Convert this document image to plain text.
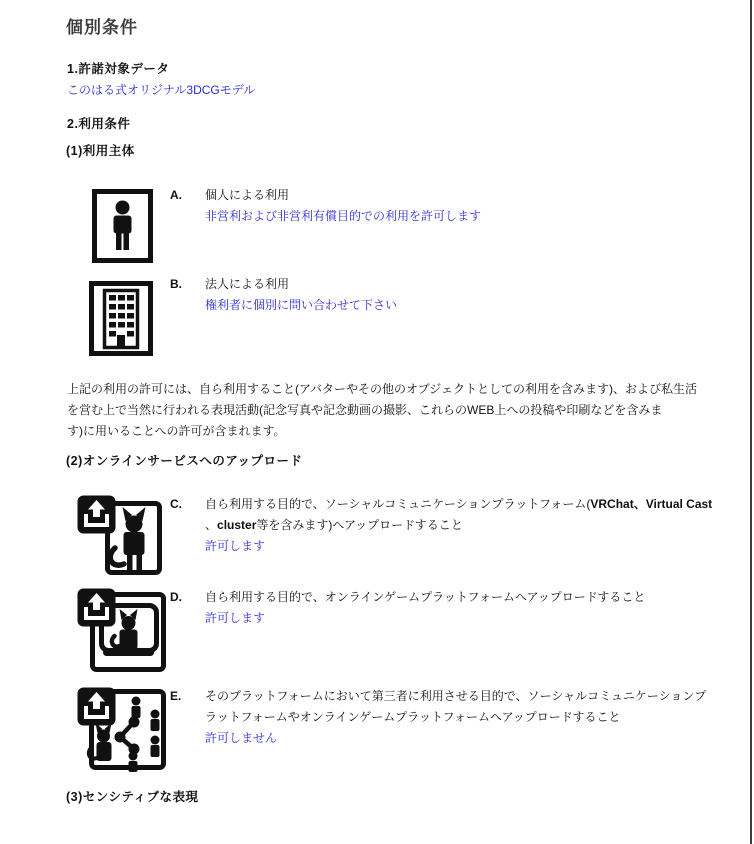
個別条件
1.許諾対象データ
このはる式オリジナル3DCGモデル
2.利用条件
(1)利用主体
A.	個人による利用
非営利および非営利有償目的での利用を許可します
B.	法人による利用
権利者に個別に問い合わせて下さい
上記の利用の許可には、自ら利用すること(アバターやその他のオブジェクトとしての利用を含みます)、および私生活
を営む上で当然に行われる表現活動(記念写真や記念動画の撮影、これらのWEB上への投稿や印刷などを含みま
す)に用いることへの許可が含まれます。
(2)オンラインサービスへのアップロード
C.	自ら利用する目的で、ソーシャルコミュニケーションプラットフォーム(VRChat、Virtual Cast
、cluster等を含みます)へアップロードすること
許可します
D.	自ら利用する目的で、オンラインゲームプラットフォームへアップロードすること
許可します
E.	そのプラットフォームにおいて第三者に利用させる目的で、ソーシャルコミュニケーションプ
ラットフォームやオンラインゲームプラットフォームへアップロードすること
許可しません
(3)センシティブな表現
